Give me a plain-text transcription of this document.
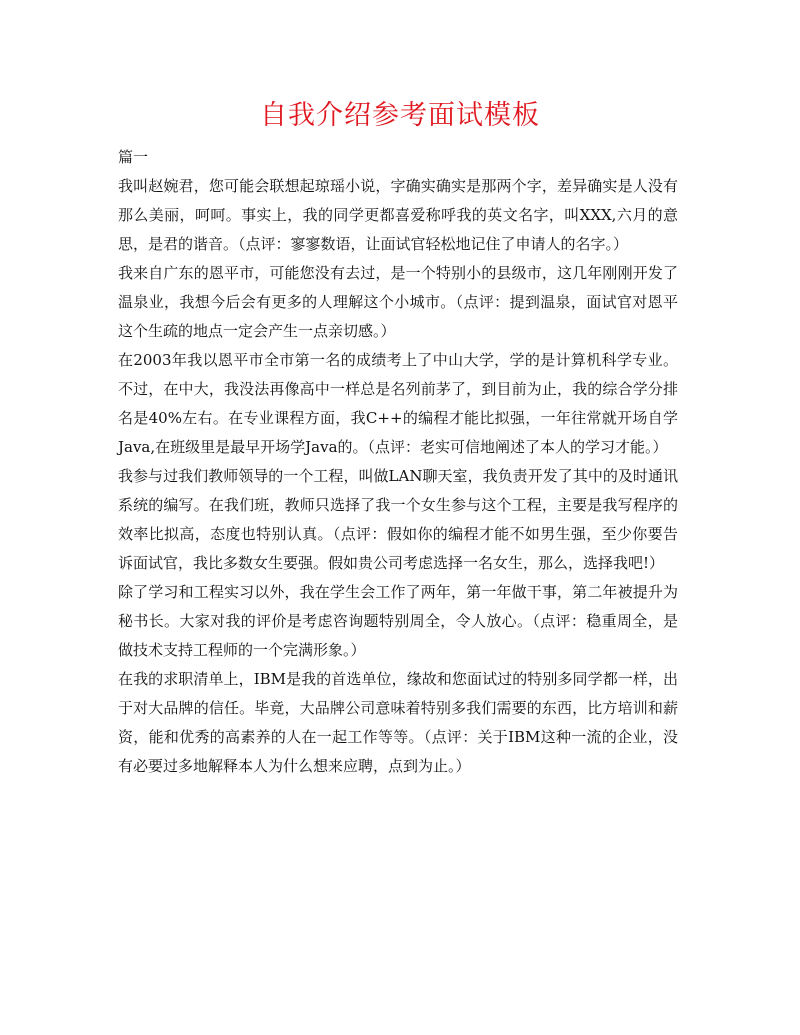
自我介绍参考面试模板

篇一

我叫赵婉君，您可能会联想起琼瑶小说，字确实确实是那两个字，差异确实是人没有那么美丽，呵呵。事实上，我的同学更都喜爱称呼我的英文名字，叫XXX,六月的意思，是君的谐音。（点评：寥寥数语，让面试官轻松地记住了申请人的名字。）

我来自广东的恩平市，可能您没有去过，是一个特别小的县级市，这几年刚刚开发了温泉业，我想今后会有更多的人理解这个小城市。（点评：提到温泉，面试官对恩平这个生疏的地点一定会产生一点亲切感。）

在2003年我以恩平市全市第一名的成绩考上了中山大学，学的是计算机科学专业。不过，在中大，我没法再像高中一样总是名列前茅了，到目前为止，我的综合学分排名是40%左右。在专业课程方面，我C++的编程才能比拟强，一年往常就开场自学Java,在班级里是最早开场学Java的。（点评：老实可信地阐述了本人的学习才能。）

我参与过我们教师领导的一个工程，叫做LAN聊天室，我负责开发了其中的及时通讯系统的编写。在我们班，教师只选择了我一个女生参与这个工程，主要是我写程序的效率比拟高，态度也特别认真。（点评：假如你的编程才能不如男生强，至少你要告诉面试官，我比多数女生要强。假如贵公司考虑选择一名女生，那么，选择我吧!）

除了学习和工程实习以外，我在学生会工作了两年，第一年做干事，第二年被提升为秘书长。大家对我的评价是考虑咨询题特别周全，令人放心。（点评：稳重周全，是做技术支持工程师的一个完满形象。）

在我的求职清单上，IBM是我的首选单位，缘故和您面试过的特别多同学都一样，出于对大品牌的信任。毕竟，大品牌公司意味着特别多我们需要的东西，比方培训和薪资，能和优秀的高素养的人在一起工作等等。（点评：关于IBM这种一流的企业，没有必要过多地解释本人为什么想来应聘，点到为止。）
